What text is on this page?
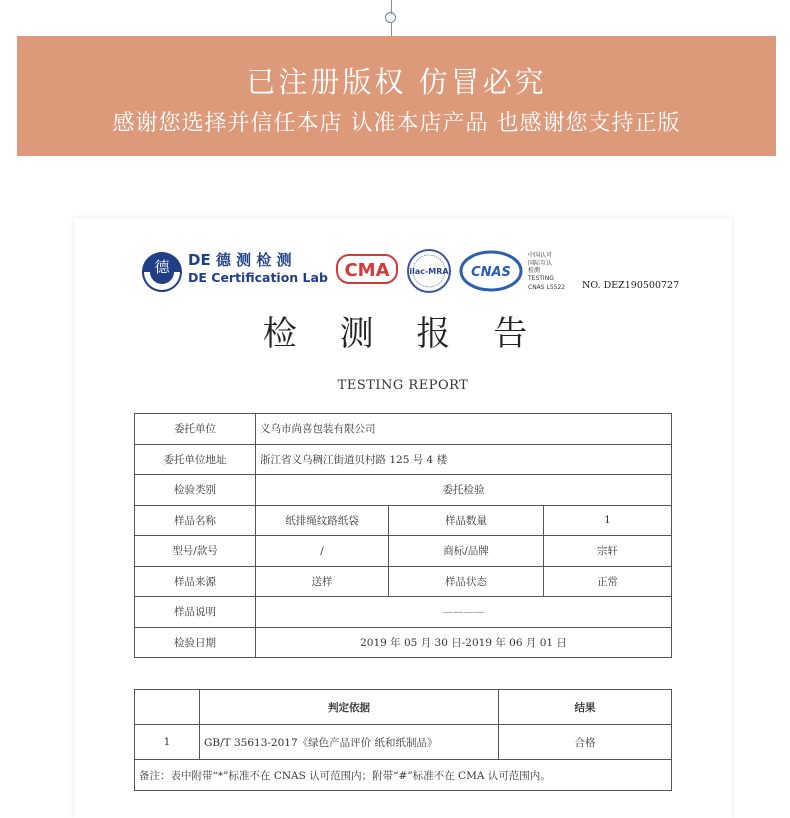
已注册版权 仿冒必究
感谢您选择并信任本店 认准本店产品 也感谢您支持正版
德 DE 德 测 检 测
DE Certification Lab CMA ilac-MRA CNAS
中国认可
国际互认
检测
TESTING
CNAS L5522 NO. DEZ190500727
检 测 报 告
TESTING REPORT
委托单位	义乌市尚喜包装有限公司		
委托单位地址	浙江省义乌稠江街道贝村路 125 号 4 楼		
检验类别	委托检验		
样品名称	纸排绳纹路纸袋	样品数量	1
型号/款号	/	商标/品牌	宗轩
样品来源	送样	样品状态	正常
样品说明	————		
检验日期	2019 年 05 月 30 日-2019 年 06 月 01 日		
	判定依据	结果
1	GB/T 35613-2017《绿色产品评价 纸和纸制品》	合格
备注：表中附带“*”标准不在 CNAS 认可范围内；附带“#”标准不在 CMA 认可范围内。		
